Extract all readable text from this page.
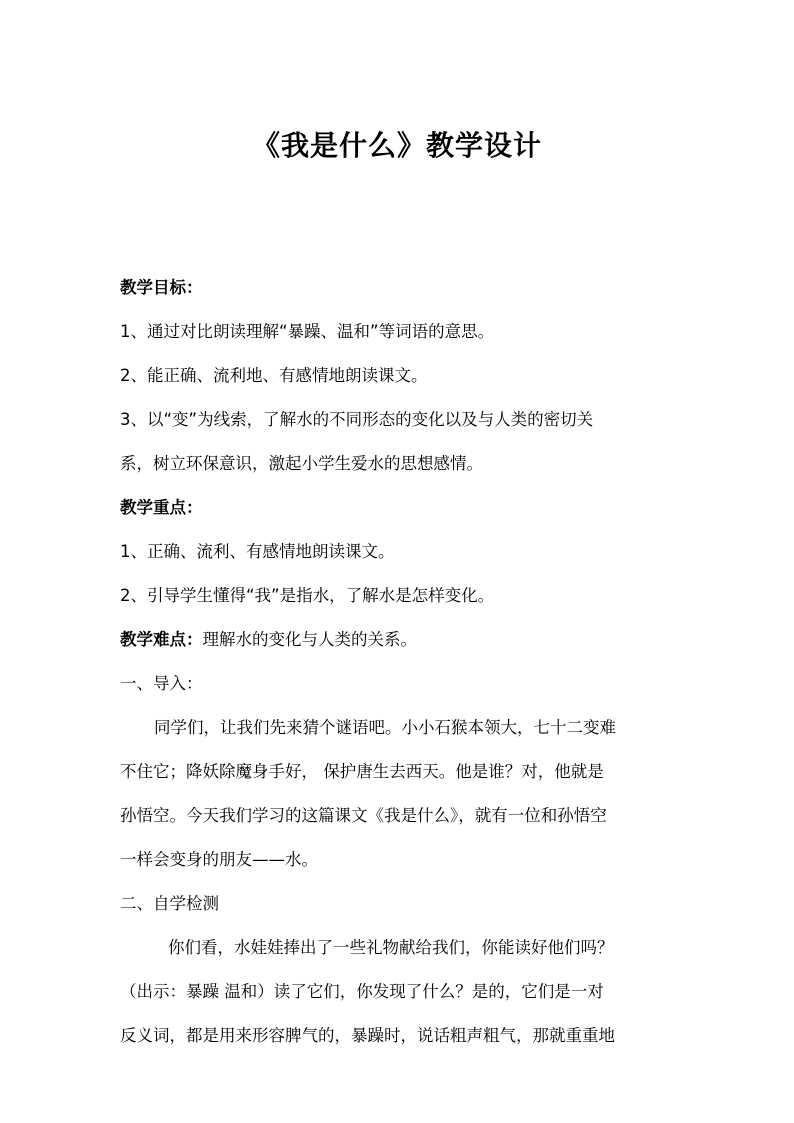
《我是什么》教学设计
教学目标：
1、通过对比朗读理解“暴躁、温和”等词语的意思。
2、能正确、流利地、有感情地朗读课文。
3、以“变”为线索，了解水的不同形态的变化以及与人类的密切关
系，树立环保意识，激起小学生爱水的思想感情。
教学重点：
1、正确、流利、有感情地朗读课文。
2、引导学生懂得“我”是指水，了解水是怎样变化。
教学难点：理解水的变化与人类的关系。
一、导入：
同学们，让我们先来猜个谜语吧。小小石猴本领大，七十二变难
不住它；降妖除魔身手好， 保护唐生去西天。他是谁？对，他就是
孙悟空。今天我们学习的这篇课文《我是什么》，就有一位和孙悟空
一样会变身的朋友——水。
二、自学检测
你们看，水娃娃捧出了一些礼物献给我们，你能读好他们吗？
（出示：暴躁 温和）读了它们，你发现了什么？是的，它们是一对
反义词，都是用来形容脾气的，暴躁时，说话粗声粗气，那就重重地
